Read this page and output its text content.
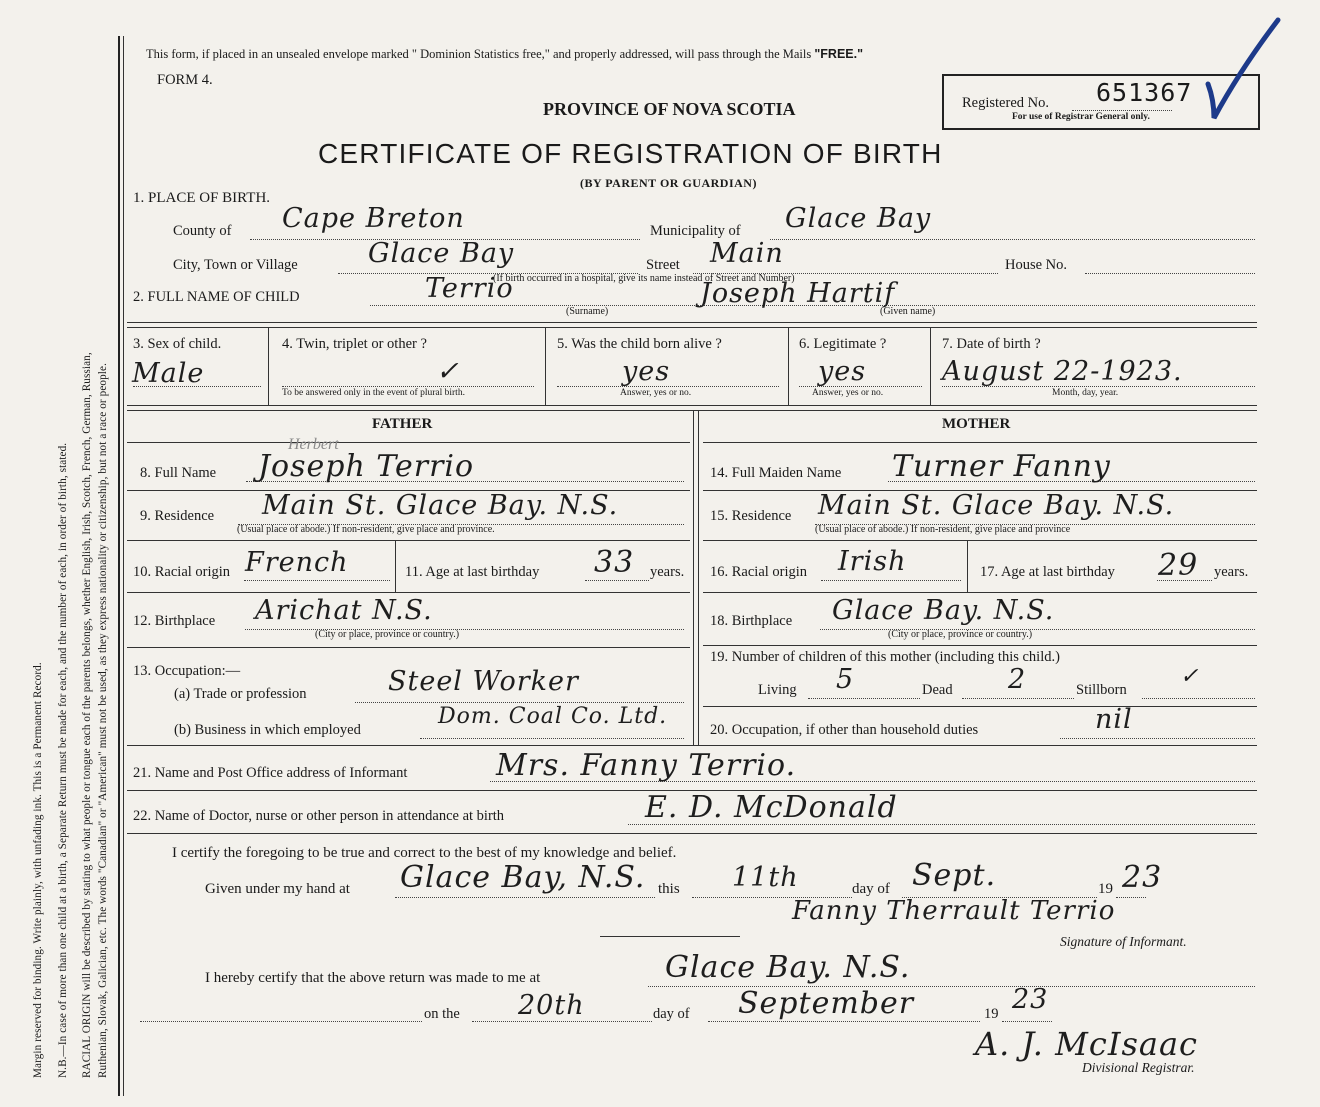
Margin reserved for binding. Write plainly, with unfading ink. This is a Permanent Record. N.B.—In case of more than one child at a birth, a Separate Return must be made for each, and the number of each, in order of birth, stated. RACIAL ORIGIN will be described by stating to what people or tongue each of the parents belongs, whether English, Irish, Scotch, French, German, Russian, Ruthenian, Slovak, Galician, etc. The words "Canadian" or "American" must not be used, as they express nationality or citizenship, but not a race or people.
This form, if placed in an unsealed envelope marked " Dominion Statistics free," and properly addressed, will pass through the Mails "FREE."
FORM 4.
PROVINCE OF NOVA SCOTIA
CERTIFICATE OF REGISTRATION OF BIRTH
(BY PARENT OR GUARDIAN)
Registered No. 651367
For use of Registrar General only.
1. PLACE OF BIRTH.
County of Cape Breton	Municipality of Glace Bay
City, Town or Village	Glace Bay	Street Main	House No.
(If birth occurred in a hospital, give its name instead of Street and Number)
2. FULL NAME OF CHILD	Terrio	Joseph Hartif
(Surname)	(Given name)
3. Sex of child.
Male
4. Twin, triplet or other ?
✓
To be answered only in the event of plural birth.
5. Was the child born alive ?
yes
Answer, yes or no.
6. Legitimate ?
yes
Answer, yes or no.
7. Date of birth ?
August 22-1923.
Month, day, year.
FATHER	MOTHER
Herbert
8. Full Name Joseph Terrio
9. Residence Main St. Glace Bay. N.S.
(Usual place of abode.) If non-resident, give place and province.
10. Racial origin French	11. Age at last birthday 33 years.
12. Birthplace Arichat N.S.
(City or place, province or country.)
13. Occupation:—
(a) Trade or profession	Steel Worker
(b) Business in which employed
Dom. Coal Co. Ltd.
14. Full Maiden Name Turner Fanny
15. Residence Main St. Glace Bay. N.S.
(Usual place of abode.) If non-resident, give place and province
16. Racial origin Irish	17. Age at last birthday 29 years.
18. Birthplace Glace Bay. N.S.
(City or place, province or country.)
19. Number of children of this mother (including this child.)
Living 5	Dead 2	Stillborn
✓
20. Occupation, if other than household duties	nil
21. Name and Post Office address of Informant	Mrs. Fanny Terrio.
22. Name of Doctor, nurse or other person in attendance at birth	E. D. McDonald
I certify the foregoing to be true and correct to the best of my knowledge and belief.
Given under my hand at Glace Bay, N.S. this 11th	day of Sept.	19 23
Fanny Therrault Terrio
Signature of Informant.
I hereby certify that the above return was made to me at	Glace Bay. N.S.
on the 20th	day of September	19 23
A. J. McIsaac
Divisional Registrar.
